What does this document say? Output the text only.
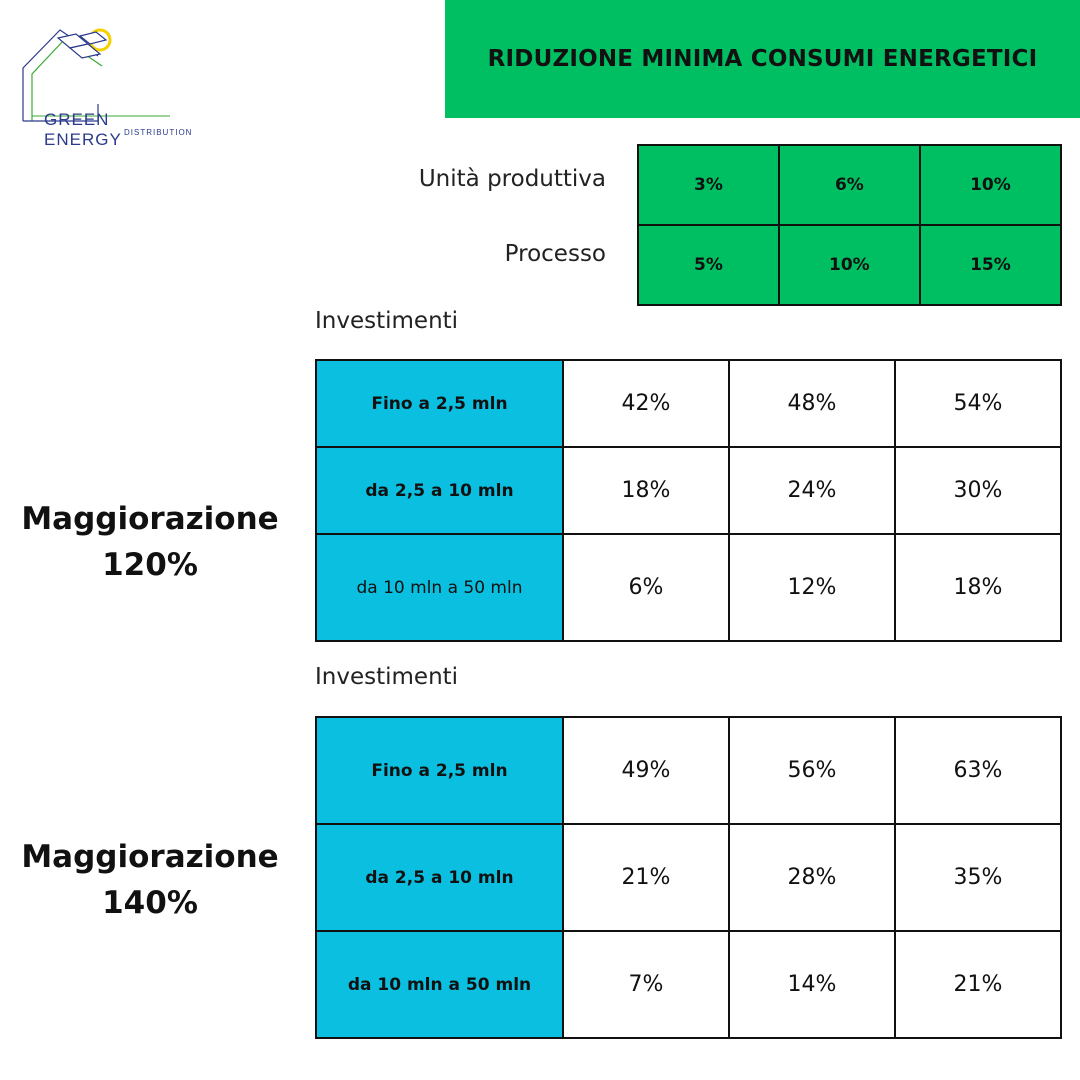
GREEN ENERGY DISTRIBUTION
RIDUZIONE MINIMA CONSUMI ENERGETICI
Unità produttiva
Processo
3%	6%	10%
5%	10%	15%
Investimenti
Maggiorazione
120%
Fino a 2,5 mln	42%	48%	54%
da 2,5 a 10 mln	18%	24%	30%
da 10 mln a 50 mln	6%	12%	18%
Investimenti
Maggiorazione
140%
Fino a 2,5 mln	49%	56%	63%
da 2,5 a 10 mln	21%	28%	35%
da 10 mln a 50 mln	7%	14%	21%
